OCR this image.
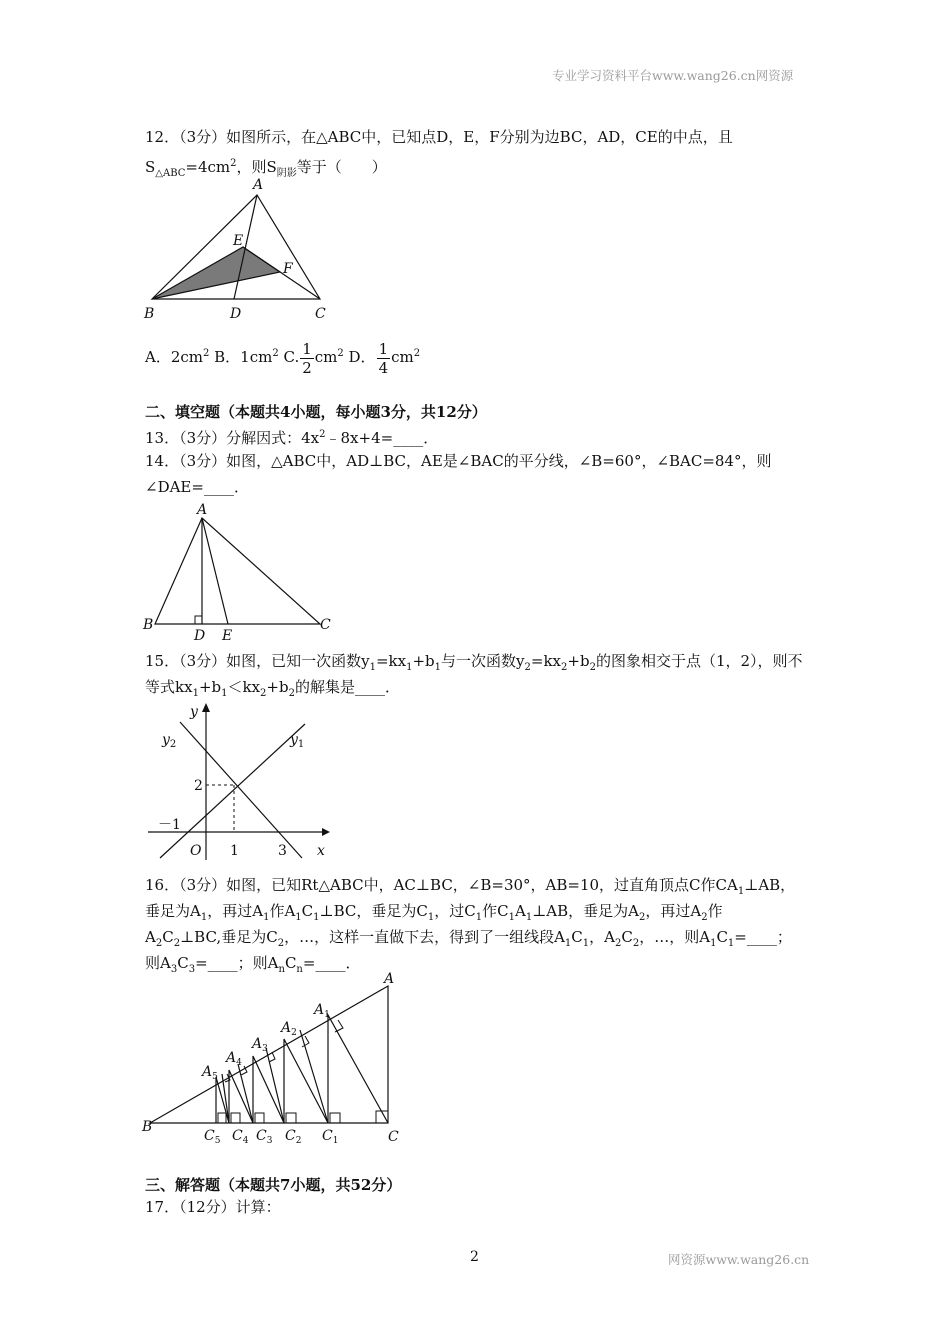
专业学习资料平台www.wang26.cn网资源
12．（3分）如图所示，在△ABC中，已知点D，E，F分别为边BC，AD，CE的中点，且
$S_{\triangle ABC}=4cm^2$，则$S_{阴影}$等于（　　）
A
B	C
D
E
F
A．$2cm^2$ B．$1cm^2$ C. $\frac{1}{2} cm^2$ D． $\frac{1}{4} cm^2$
二、填空题（本题共4小题，每小题3分，共12分）
13．（3分）分解因式：$4x^2﹣8x+4=\_\_\_\_$．
14．（3分）如图，△ABC中，AD⊥BC，AE是∠BAC的平分线，∠B=60°，∠BAC=84°，则
∠DAE=____．
A
B	C
D E
15．（3分）如图，已知一次函数$y_1=kx_1+b_1$与一次函数$y_2=kx_2+b_2$的图象相交于点（1，2），则不
等式$kx_1+b_1<kx_2+b_2$的解集是____．
y
x
$y_2$	$y_1$
O
2
1	3
－1
16．（3分）如图，已知Rt△ABC中，AC⊥BC，∠B=30°，AB=10，过直角顶点C作$CA_1\perp AB$，
垂足为$A_1$，再过$A_1$作$A_1C_1\perp BC$，垂足为$C_1$，过$C_1$作$C_1A_1\perp AB$，垂足为$A_2$，再过$A_2$作
$A_2C_2\perp BC$,垂足为$C_2$，…，这样一直做下去，得到了一组线段$A_1C_1$，$A_2C_2$，…，则$A_1C_1=\_\_\_\_$；
则$A_3C_3=\_\_\_\_$；则$A_nC_n=\_\_\_\_$．
A
B
C
$A_1$
$A_2$
$A_3$
$A_4$
$A_5$
$C_1$
$C_2$
$C_3$
$C_4$
$C_5$
三、解答题（本题共7小题，共52分）
17．（12分）计算：
2	网资源www.wang26.cn
